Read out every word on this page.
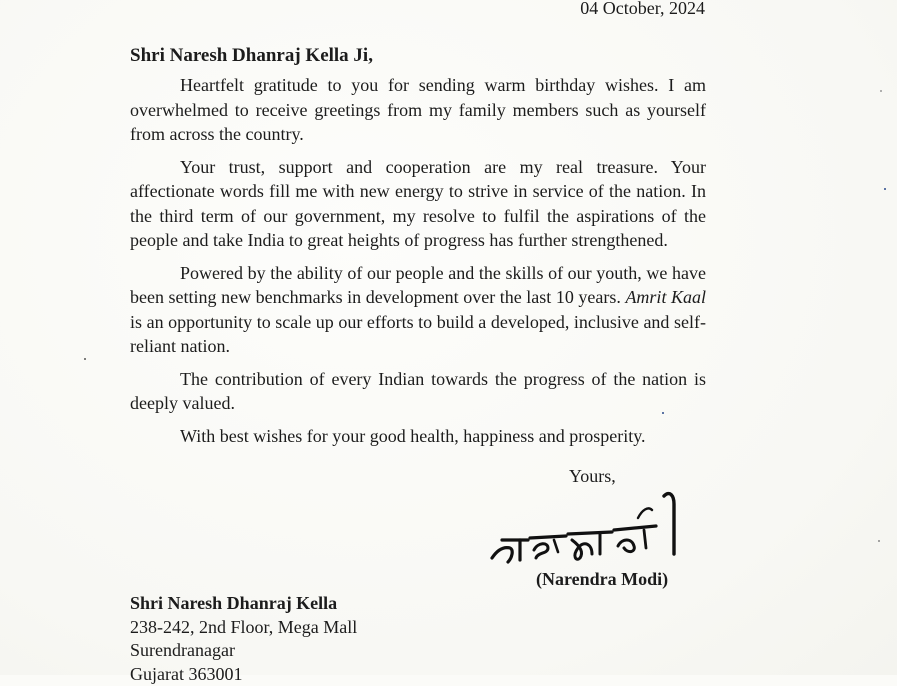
04 October, 2024
Shri Naresh Dhanraj Kella Ji,

Heartfelt gratitude to you for sending warm birthday wishes. I am overwhelmed to receive greetings from my family members such as yourself from across the country.

Your trust, support and cooperation are my real treasure. Your affectionate words fill me with new energy to strive in service of the nation. In the third term of our government, my resolve to fulfil the aspirations of the people and take India to great heights of progress has further strengthened.

Powered by the ability of our people and the skills of our youth, we have been setting new benchmarks in development over the last 10 years. Amrit Kaal is an opportunity to scale up our efforts to build a developed, inclusive and self-reliant nation.

The contribution of every Indian towards the progress of the nation is deeply valued.

With best wishes for your good health, happiness and prosperity.

Yours,
(Narendra Modi)
Shri Naresh Dhanraj Kella
238-242, 2nd Floor, Mega Mall
Surendranagar
Gujarat 363001
